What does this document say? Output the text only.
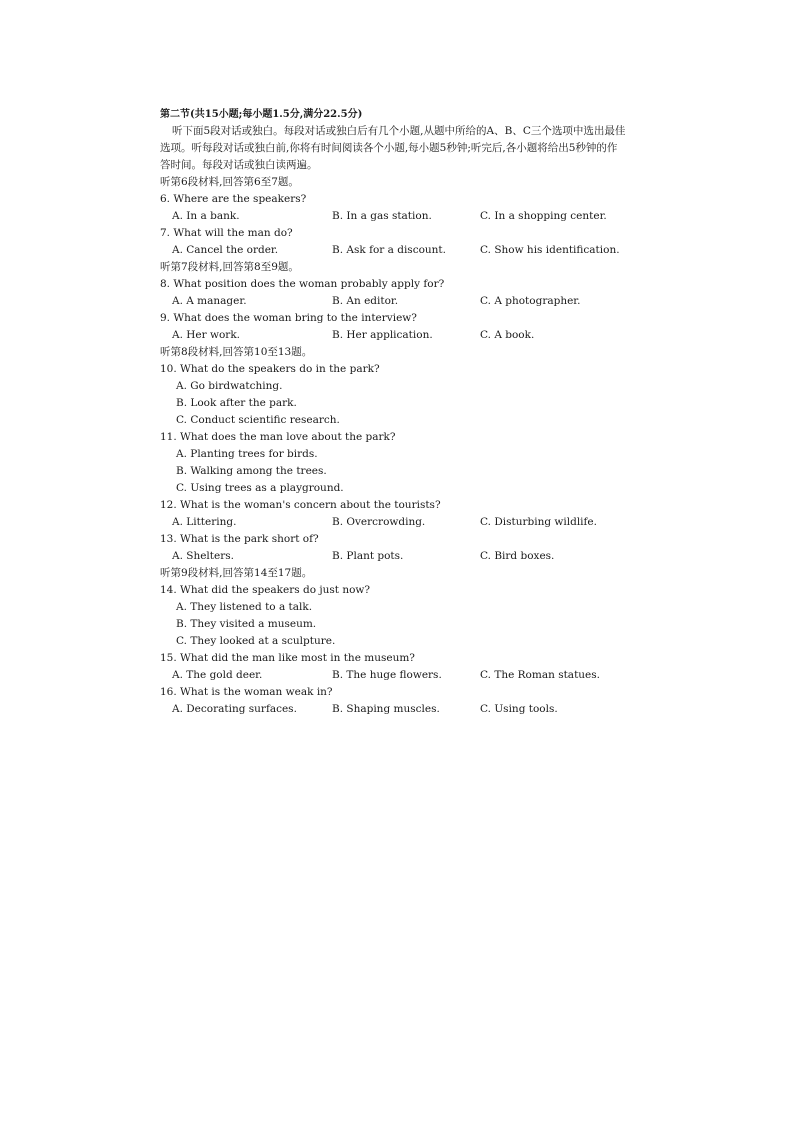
第二节(共15小题;每小题1.5分,满分22.5分)
听下面5段对话或独白。每段对话或独白后有几个小题,从题中所给的A、B、C三个选项中选出最佳选项。听每段对话或独白前,你将有时间阅读各个小题,每小题5秒钟;听完后,各小题将给出5秒钟的作答时间。每段对话或独白读两遍。
听第6段材料,回答第6至7题。
6. Where are the speakers?
A. In a bank.	B. In a gas station.	C. In a shopping center.
7. What will the man do?
A. Cancel the order.	B. Ask for a discount.	C. Show his identification.
听第7段材料,回答第8至9题。
8. What position does the woman probably apply for?
A. A manager.	B. An editor.	C. A photographer.
9. What does the woman bring to the interview?
A. Her work.	B. Her application.	C. A book.
听第8段材料,回答第10至13题。
10. What do the speakers do in the park?
A. Go birdwatching.
B. Look after the park.
C. Conduct scientific research.
11. What does the man love about the park?
A. Planting trees for birds.
B. Walking among the trees.
C. Using trees as a playground.
12. What is the woman's concern about the tourists?
A. Littering.	B. Overcrowding.	C. Disturbing wildlife.
13. What is the park short of?
A. Shelters.	B. Plant pots.	C. Bird boxes.
听第9段材料,回答第14至17题。
14. What did the speakers do just now?
A. They listened to a talk.
B. They visited a museum.
C. They looked at a sculpture.
15. What did the man like most in the museum?
A. The gold deer.	B. The huge flowers.	C. The Roman statues.
16. What is the woman weak in?
A. Decorating surfaces.	B. Shaping muscles.	C. Using tools.
